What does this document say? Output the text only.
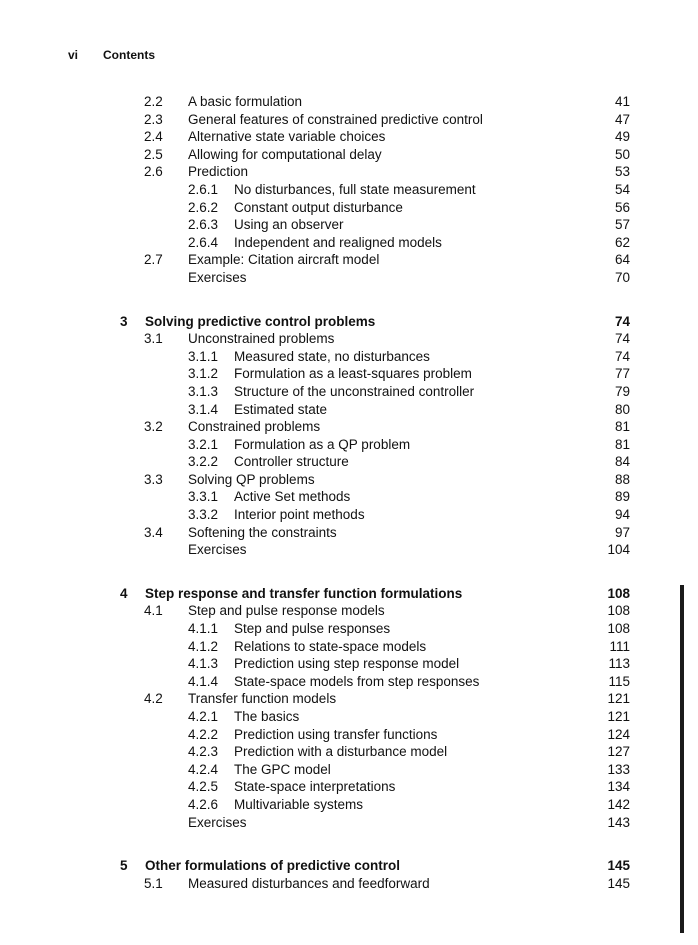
vi Contents
2.2 A basic formulation	41
2.3 General features of constrained predictive control	47
2.4 Alternative state variable choices	49
2.5 Allowing for computational delay	50
2.6 Prediction	53
2.6.1 No disturbances, full state measurement	54
2.6.2 Constant output disturbance	56
2.6.3 Using an observer	57
2.6.4 Independent and realigned models	62
2.7 Example: Citation aircraft model	64
Exercises	70
3 Solving predictive control problems	74
3.1 Unconstrained problems	74
3.1.1 Measured state, no disturbances	74
3.1.2 Formulation as a least-squares problem	77
3.1.3 Structure of the unconstrained controller	79
3.1.4 Estimated state	80
3.2 Constrained problems	81
3.2.1 Formulation as a QP problem	81
3.2.2 Controller structure	84
3.3 Solving QP problems	88
3.3.1 Active Set methods	89
3.3.2 Interior point methods	94
3.4 Softening the constraints	97
Exercises	104
4 Step response and transfer function formulations	108
4.1 Step and pulse response models	108
4.1.1 Step and pulse responses	108
4.1.2 Relations to state-space models	111
4.1.3 Prediction using step response model	113
4.1.4 State-space models from step responses	115
4.2 Transfer function models	121
4.2.1 The basics	121
4.2.2 Prediction using transfer functions	124
4.2.3 Prediction with a disturbance model	127
4.2.4 The GPC model	133
4.2.5 State-space interpretations	134
4.2.6 Multivariable systems	142
Exercises	143
5 Other formulations of predictive control	145
5.1 Measured disturbances and feedforward	145
